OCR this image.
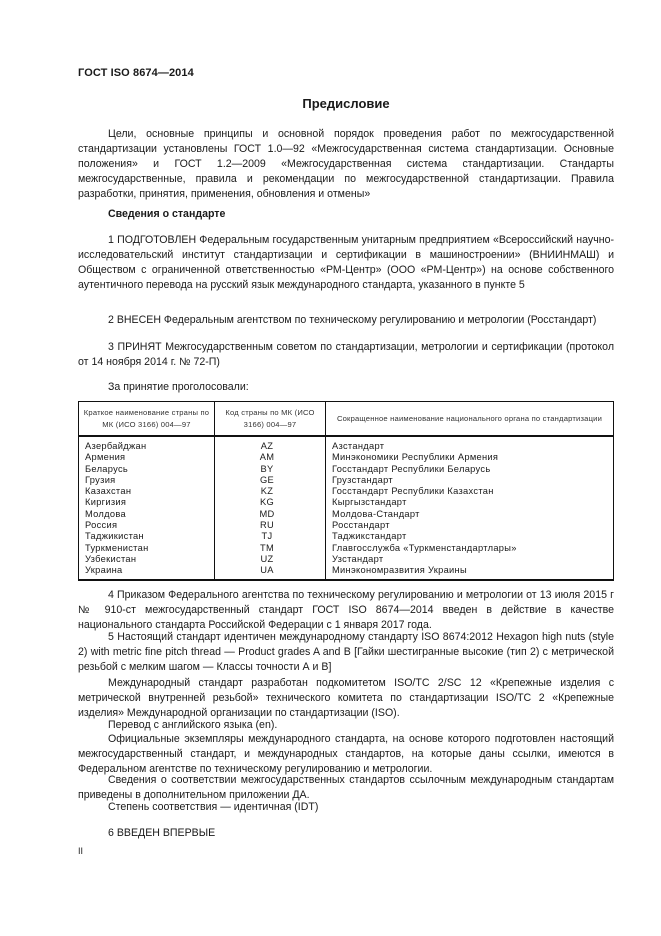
ГОСТ ISO 8674—2014
Предисловие

Цели, основные принципы и основной порядок проведения работ по межгосударственной стандартизации установлены ГОСТ 1.0—92 «Межгосударственная система стандартизации. Основные положения» и ГОСТ 1.2—2009 «Межгосударственная система стандартизации. Стандарты межгосударственные, правила и рекомендации по межгосударственной стандартизации. Правила разработки, принятия, применения, обновления и отмены»

Сведения о стандарте

1 ПОДГОТОВЛЕН Федеральным государственным унитарным предприятием «Всероссийский научно-исследовательский институт стандартизации и сертификации в машиностроении» (ВНИИНМАШ) и Обществом с ограниченной ответственностью «РМ-Центр» (ООО «РМ-Центр») на основе собственного аутентичного перевода на русский язык международного стандарта, указанного в пункте 5

2 ВНЕСЕН Федеральным агентством по техническому регулированию и метрологии (Росстандарт)

3 ПРИНЯТ Межгосударственным советом по стандартизации, метрологии и сертификации (протокол от 14 ноября 2014 г. № 72-П)

За принятие проголосовали:

Краткое наименование страны по МК (ИСО 3166) 004—97	Код страны по МК (ИСО 3166) 004—97	Сокращенное наименование национального органа по стандартизации
Азербайджан	AZ	Азстандарт
Армения	AM	Минэкономики Республики Армения
Беларусь	BY	Госстандарт Республики Беларусь
Грузия	GE	Грузстандарт
Казахстан	KZ	Госстандарт Республики Казахстан
Киргизия	KG	Кыргызстандарт
Молдова	MD	Молдова-Стандарт
Россия	RU	Росстандарт
Таджикистан	TJ	Таджикстандарт
Туркменистан	TM	Главгосслужба «Туркменстандартлары»
Узбекистан	UZ	Узстандарт
Украина	UA	Минэкономразвития Украины

4 Приказом Федерального агентства по техническому регулированию и метрологии от 13 июля 2015 г № 910-ст межгосударственный стандарт ГОСТ ISO 8674—2014 введен в действие в качестве национального стандарта Российской Федерации с 1 января 2017 года.

5 Настоящий стандарт идентичен международному стандарту ISO 8674:2012 Hexagon high nuts (style 2) with metric fine pitch thread — Product grades A and B [Гайки шестигранные высокие (тип 2) с метрической резьбой с мелким шагом — Классы точности А и В]

Международный стандарт разработан подкомитетом ISO/TC 2/SC 12 «Крепежные изделия с метрической внутренней резьбой» технического комитета по стандартизации ISO/TC 2 «Крепежные изделия» Международной организации по стандартизации (ISO).

Перевод с английского языка (en).

Официальные экземпляры международного стандарта, на основе которого подготовлен настоящий межгосударственный стандарт, и международных стандартов, на которые даны ссылки, имеются в Федеральном агентстве по техническому регулированию и метрологии.

Сведения о соответствии межгосударственных стандартов ссылочным международным стандартам приведены в дополнительном приложении ДА.

Степень соответствия — идентичная (IDT)

6 ВВЕДЕН ВПЕРВЫЕ

II
